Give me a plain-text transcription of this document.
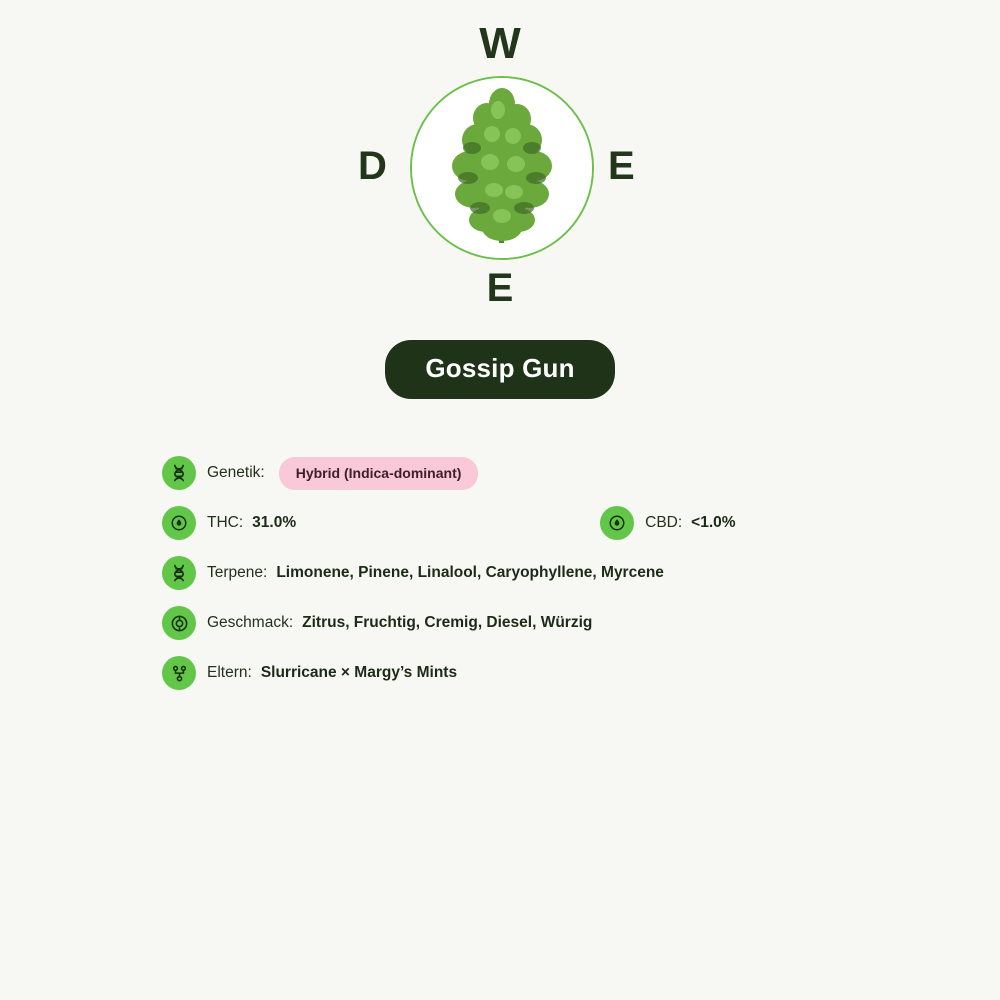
W
D	E
E
Gossip Gun
Genetik:	Hybrid (Indica-dominant)
THC: 31.0%	CBD: <1.0%
Terpene: Limonene, Pinene, Linalool, Caryophyllene, Myrcene
Geschmack: Zitrus, Fruchtig, Cremig, Diesel, Würzig
Eltern: Slurricane × Margy’s Mints
